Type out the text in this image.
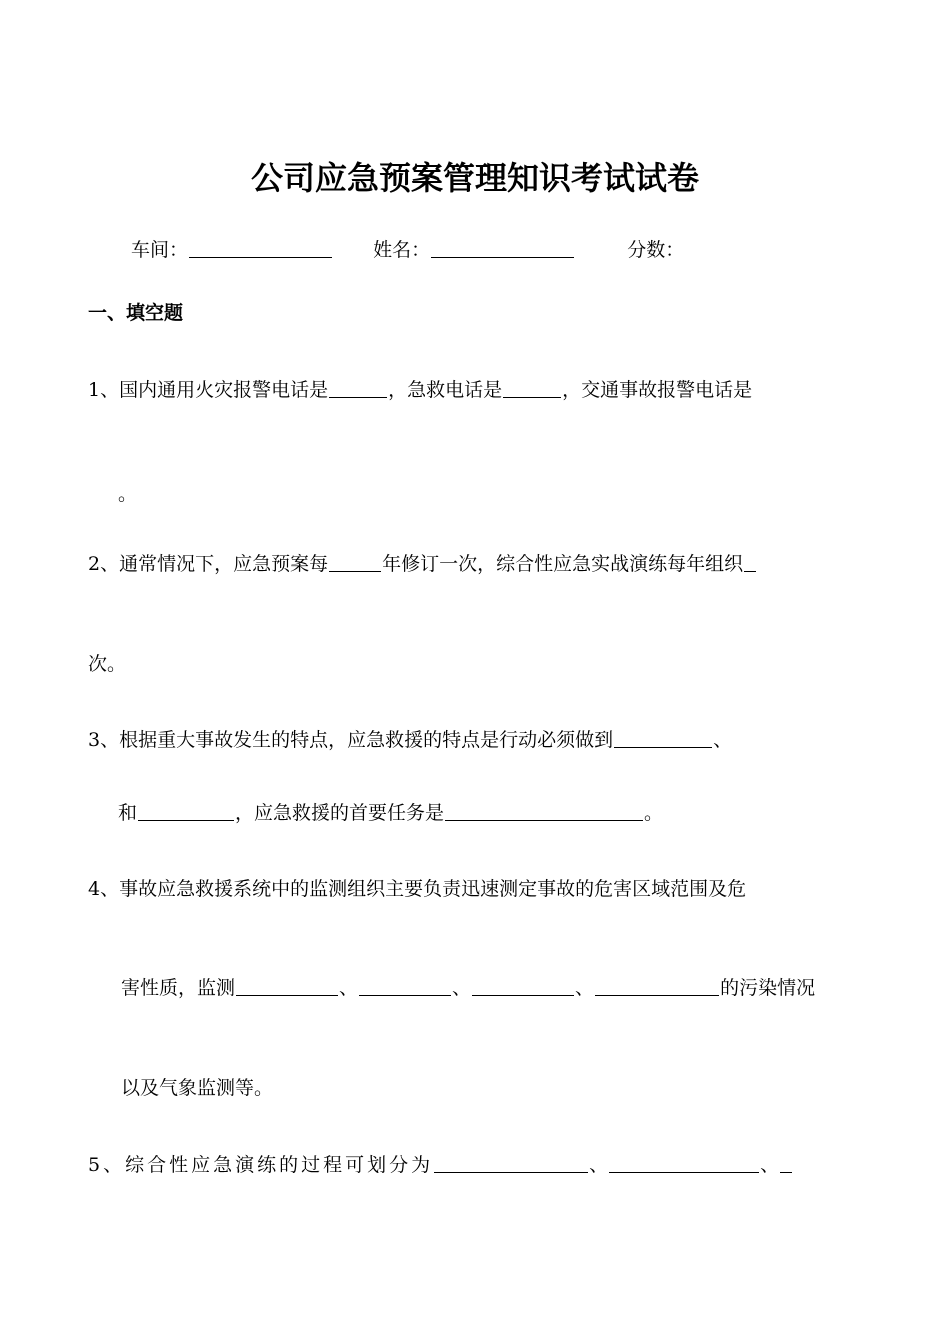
公司应急预案管理知识考试试卷
车间：	姓名：	分数：
一、填空题
1、国内通用火灾报警电话是	，急救电话是	，交通事故报警电话是
。
2、通常情况下，应急预案每	年修订一次，综合性应急实战演练每年组织
次。
3、根据重大事故发生的特点，应急救援的特点是行动必须做到	、
和	，应急救援的首要任务是	。
4、事故应急救援系统中的监测组织主要负责迅速测定事故的危害区域范围及危
害性质，监测	、	、	、	的污染情况
以及气象监测等。
5、综合性应急演练的过程可划分为	、	、
